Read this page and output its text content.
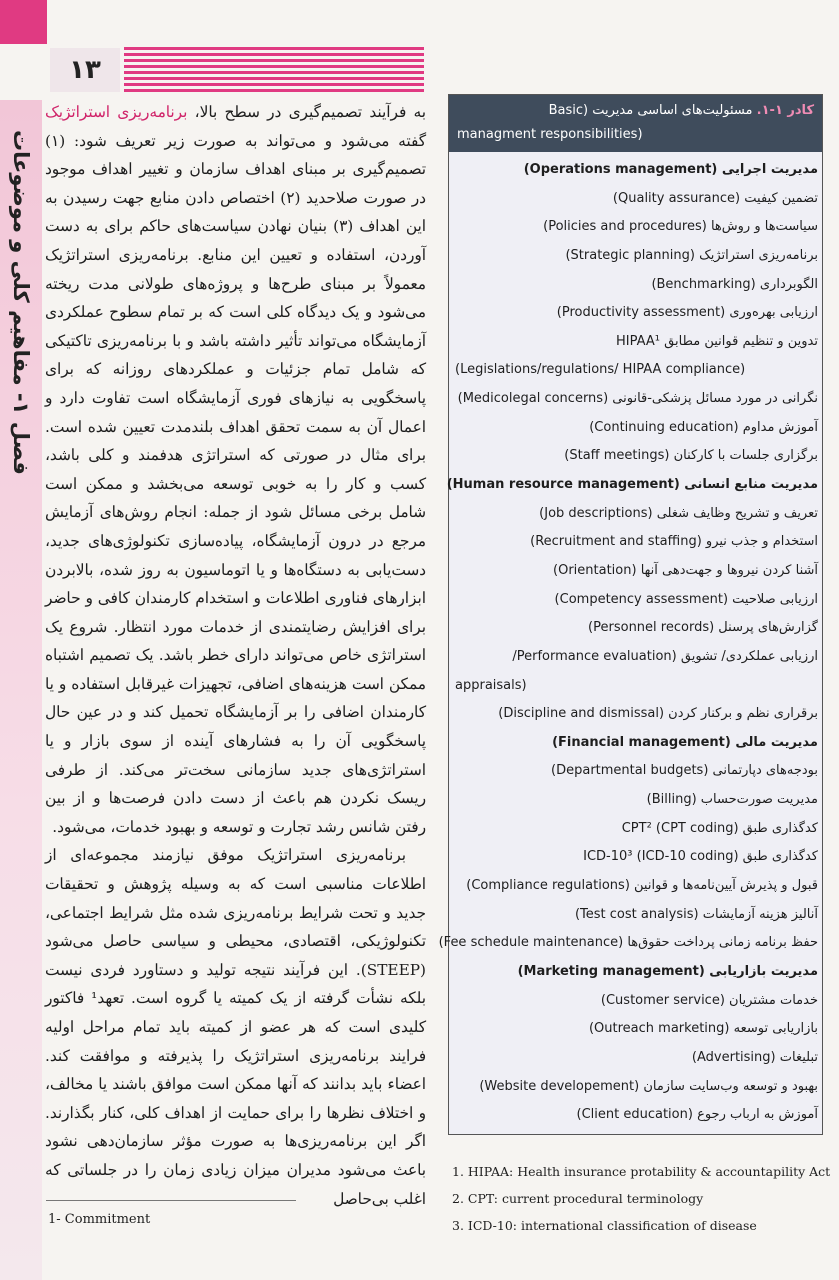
۱۳
فصل ۱- مفاهیم کلی و موضوعات

به فرآیند تصمیم‌گیری در سطح بالا، برنامه‌ریزی استراتژیک گفته می‌شود و می‌تواند به صورت زیر تعریف شود: (۱) تصمیم‌گیری بر مبنای اهداف سازمان و تغییر اهداف موجود در صورت صلاحدید (۲) اختصاص دادن منابع جهت رسیدن به این اهداف (۳) بنیان نهادن سیاست‌های حاکم برای به دست آوردن، استفاده و تعیین این منابع. برنامه‌ریزی استراتژیک معمولاً بر مبنای طرح‌ها و پروژه‌های طولانی مدت ریخته می‌شود و یک دیدگاه کلی است که بر تمام سطوح عملکردی آزمایشگاه می‌تواند تأثیر داشته باشد و با برنامه‌ریزی تاکتیکی که شامل تمام جزئیات و عملکردهای روزانه که برای پاسخگویی به نیازهای فوری آزمایشگاه است تفاوت دارد و اعمال آن به سمت تحقق اهداف بلندمدت تعیین شده است. برای مثال در صورتی که استراتژی هدفمند و کلی باشد، کسب و کار را به خوبی توسعه می‌بخشد و ممکن است شامل برخی مسائل شود از جمله: انجام روش‌های آزمایش مرجع در درون آزمایشگاه، پیاده‌سازی تکنولوژی‌های جدید، دست‌یابی به دستگاه‌ها و یا اتوماسیون به روز شده، بالابردن ابزارهای فناوری اطلاعات و استخدام کارمندان کافی و حاضر برای افزایش رضایتمندی از خدمات مورد انتظار. شروع یک استراتژی خاص می‌تواند دارای خطر باشد. یک تصمیم اشتباه ممکن است هزینه‌های اضافی، تجهیزات غیرقابل استفاده و یا کارمندان اضافی را بر آزمایشگاه تحمیل کند و در عین حال پاسخگویی آن را به فشارهای آینده از سوی بازار و یا استراتژی‌های جدید سازمانی سخت‌تر می‌کند. از طرفی ریسک نکردن هم باعث از دست دادن فرصت‌ها و از بین رفتن شانس رشد تجارت و توسعه و بهبود خدمات، می‌شود.

برنامه‌ریزی استراتژیک موفق نیازمند مجموعه‌ای از اطلاعات مناسبی است که به وسیله پژوهش و تحقیقات جدید و تحت شرایط برنامه‌ریزی شده مثل شرایط اجتماعی، تکنولوژیکی، اقتصادی، محیطی و سیاسی حاصل می‌شود (STEEP). این فرآیند نتیجه تولید و دستاورد فردی نیست بلکه نشأت گرفته از یک کمیته یا گروه است. تعهد¹ فاکتور کلیدی است که هر عضو از کمیته باید تمام مراحل اولیه فرایند برنامه‌ریزی استراتژیک را پذیرفته و موافقت کند. اعضاء باید بدانند که آنها ممکن است موافق باشند یا مخالف، و اختلاف نظرها را برای حمایت از اهداف کلی، کنار بگذارند. اگر این برنامه‌ریزی‌ها به صورت مؤثر سازمان‌دهی نشود باعث می‌شود مدیران میزان زیادی زمان را در جلساتی که اغلب بی‌حاصل

1- Commitment
کادر ۱-۱. مسئولیت‌های اساسی مدیریت (Basic
managment responsibilities)
مدیریت اجرایی (Operations management)
تضمین کیفیت (Quality assurance)
سیاست‌ها و روش‌ها (Policies and procedures)
برنامه‌ریزی استراتژیک (Strategic planning)
الگوبرداری (Benchmarking)
ارزیابی بهره‌وری (Productivity assessment)
تدوین و تنظیم قوانین مطابق HIPAA¹
(Legislations/regulations/ HIPAA compliance)
نگرانی در مورد مسائل پزشکی-قانونی (Medicolegal concerns)
آموزش مداوم (Continuing education)
برگزاری جلسات با کارکنان (Staff meetings)
مدیریت منابع انسانی (Human resource management)
تعریف و تشریح وظایف شغلی (Job descriptions)
استخدام و جذب نیرو (Recruitment and staffing)
آشنا کردن نیروها و جهت‌دهی آنها (Orientation)
ارزیابی صلاحیت (Competency assessment)
گزارش‌های پرسنل (Personnel records)
ارزیابی عملکردی/ تشویق (Performance evaluation/
appraisals)
برقراری نظم و برکنار کردن (Discipline and dismissal)
مدیریت مالی (Financial management)
بودجه‌های دپارتمانی (Departmental budgets)
مدیریت صورت‌حساب (Billing)
کدگذاری طبق CPT² (CPT coding)
کدگذاری طبق ICD-10³ (ICD-10 coding)
قبول و پذیرش آیین‌نامه‌ها و قوانین (Compliance regulations)
آنالیز هزینه آزمایشات (Test cost analysis)
حفظ برنامه زمانی پرداخت حقوق‌ها (Fee schedule maintenance)
مدیریت بازاریابی (Marketing management)
خدمات مشتریان (Customer service)
بازاریابی توسعه (Outreach marketing)
تبلیغات (Advertising)
بهبود و توسعه وب‌سایت سازمان (Website developement)
آموزش به ارباب رجوع (Client education)
1. HIPAA: Health insurance protability & accountapility Act
2. CPT: current procedural terminology
3. ICD-10: international classification of disease
